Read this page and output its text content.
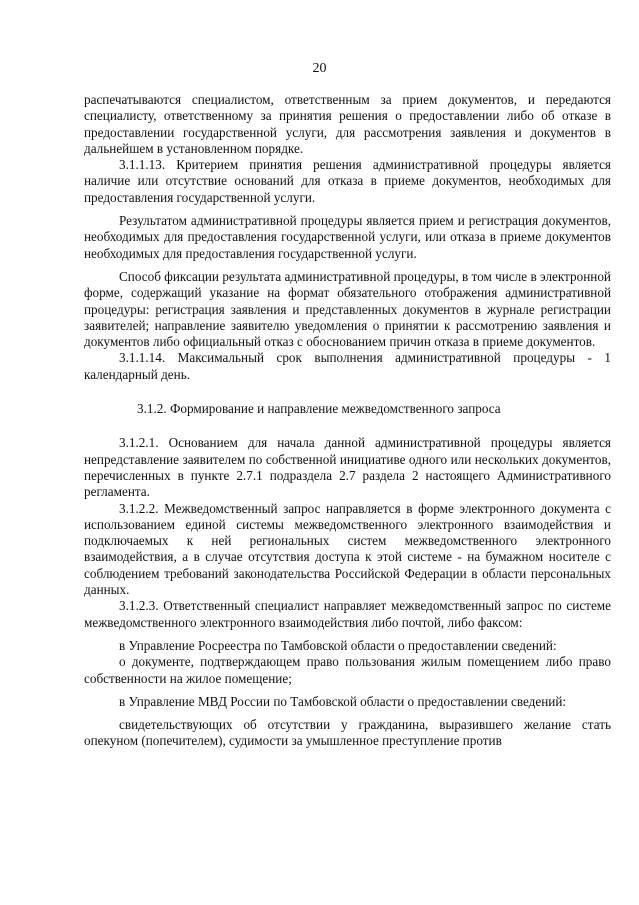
20

распечатываются специалистом, ответственным за прием документов, и передаются специалисту, ответственному за принятия решения о предоставлении либо об отказе в предоставлении государственной услуги, для рассмотрения заявления и документов в дальнейшем в установленном порядке.

3.1.1.13. Критерием принятия решения административной процедуры является наличие или отсутствие оснований для отказа в приеме документов, необходимых для предоставления государственной услуги.

Результатом административной процедуры является прием и регистрация документов, необходимых для предоставления государственной услуги, или отказа в приеме документов необходимых для предоставления государственной услуги.

Способ фиксации результата административной процедуры, в том числе в электронной форме, содержащий указание на формат обязательного отображения административной процедуры: регистрация заявления и представленных документов в журнале регистрации заявителей; направление заявителю уведомления о принятии к рассмотрению заявления и документов либо официальный отказ с обоснованием причин отказа в приеме документов.

3.1.1.14. Максимальный срок выполнения административной процедуры - 1 календарный день.

3.1.2. Формирование и направление межведомственного запроса

3.1.2.1. Основанием для начала данной административной процедуры является непредставление заявителем по собственной инициативе одного или нескольких документов, перечисленных в пункте 2.7.1 подраздела 2.7 раздела 2 настоящего Административного регламента.

3.1.2.2. Межведомственный запрос направляется в форме электронного документа с использованием единой системы межведомственного электронного взаимодействия и подключаемых к ней региональных систем межведомственного электронного взаимодействия, а в случае отсутствия доступа к этой системе - на бумажном носителе с соблюдением требований законодательства Российской Федерации в области персональных данных.

3.1.2.3. Ответственный специалист направляет межведомственный запрос по системе межведомственного электронного взаимодействия либо почтой, либо факсом:

в Управление Росреестра по Тамбовской области о предоставлении сведений:

о документе, подтверждающем право пользования жилым помещением либо право собственности на жилое помещение;

в Управление МВД России по Тамбовской области о предоставлении сведений:

свидетельствующих об отсутствии у гражданина, выразившего желание стать опекуном (попечителем), судимости за умышленное преступление против
